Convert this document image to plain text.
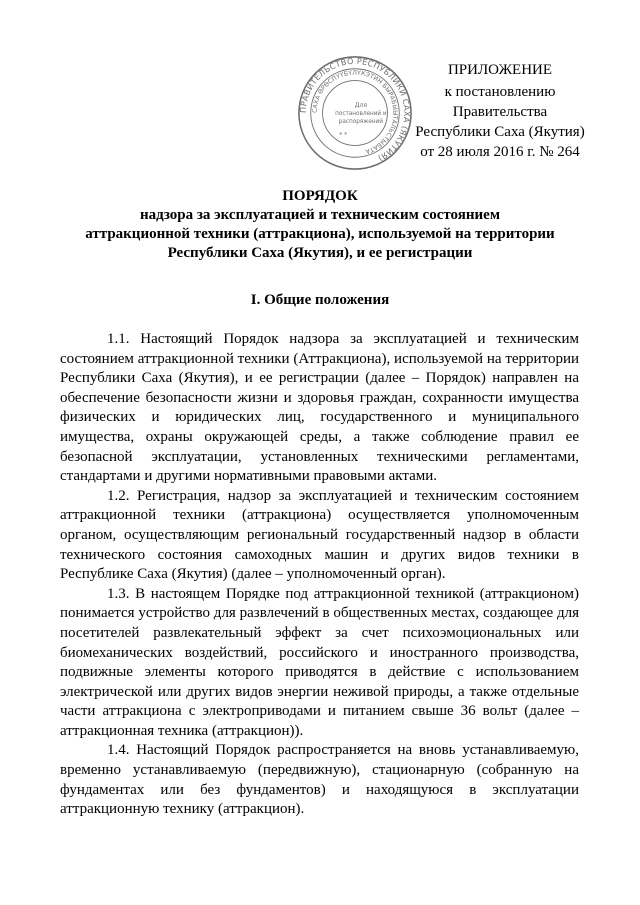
ПРИЛОЖЕНИЕ
к постановлению Правительства
Республики Саха (Якутия)
от 28 июля 2016 г. № 264
ПРАВИТЕЛЬСТВО РЕСПУБЛИКИ САХА (ЯКУТИЯ)
САХА ӨРӨСПҮҮБҮЛҮКЭТИН БЫРАБЫЫТАЛЬСТЫБАТА
Для
постановлений и
распоряжений
* *
ПОРЯДОК
надзора за эксплуатацией и техническим состоянием
аттракционной техники (аттракциона), используемой на территории
Республики Саха (Якутия), и ее регистрации
I. Общие положения

1.1. Настоящий Порядок надзора за эксплуатацией и техническим состоянием аттракционной техники (Аттракциона), используемой на территории Республики Саха (Якутия), и ее регистрации (далее – Порядок) направлен на обеспечение безопасности жизни и здоровья граждан, сохранности имущества физических и юридических лиц, государственного и муниципального имущества, охраны окружающей среды, а также соблюдение правил ее безопасной эксплуатации, установленных техническими регламентами, стандартами и другими нормативными правовыми актами.

1.2. Регистрация, надзор за эксплуатацией и техническим состоянием аттракционной техники (аттракциона) осуществляется уполномоченным органом, осуществляющим региональный государственный надзор в области технического состояния самоходных машин и других видов техники в Республике Саха (Якутия) (далее – уполномоченный орган).

1.3. В настоящем Порядке под аттракционной техникой (аттракционом) понимается устройство для развлечений в общественных местах, создающее для посетителей развлекательный эффект за счет психоэмоциональных или биомеханических воздействий, российского и иностранного производства, подвижные элементы которого приводятся в действие с использованием электрической или других видов энергии неживой природы, а также отдельные части аттракциона с электроприводами и питанием свыше 36 вольт (далее – аттракционная техника (аттракцион)).

1.4. Настоящий Порядок распространяется на вновь устанавливаемую, временно устанавливаемую (передвижную), стационарную (собранную на фундаментах или без фундаментов) и находящуюся в эксплуатации аттракционную технику (аттракцион).
